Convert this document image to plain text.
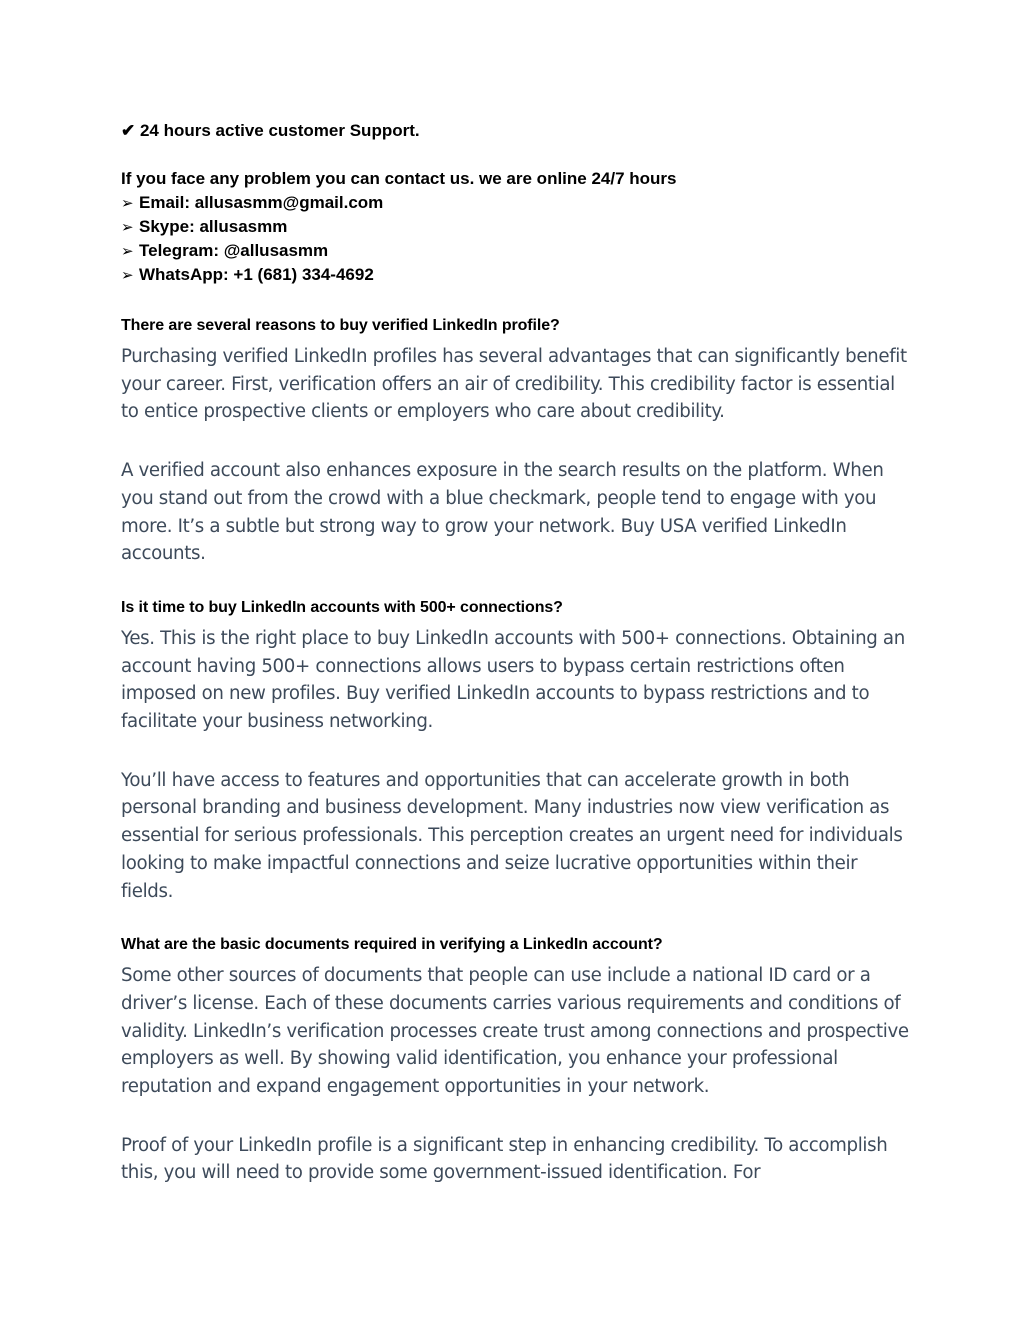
✔ 24 hours active customer Support.
If you face any problem you can contact us. we are online 24/7 hours
➢ Email: allusasmm@gmail.com
➢ Skype: allusasmm
➢ Telegram: @allusasmm
➢ WhatsApp: +1 (681) 334-4692
There are several reasons to buy verified LinkedIn profile?

Purchasing verified LinkedIn profiles has several advantages that can significantly benefit your career. First, verification offers an air of credibility. This credibility factor is essential to entice prospective clients or employers who care about credibility.

A verified account also enhances exposure in the search results on the platform. When you stand out from the crowd with a blue checkmark, people tend to engage with you more. It’s a subtle but strong way to grow your network. Buy USA verified LinkedIn accounts.

Is it time to buy LinkedIn accounts with 500+ connections?

Yes. This is the right place to buy LinkedIn accounts with 500+ connections. Obtaining an account having 500+ connections allows users to bypass certain restrictions often imposed on new profiles. Buy verified LinkedIn accounts to bypass restrictions and to facilitate your business networking.

You’ll have access to features and opportunities that can accelerate growth in both personal branding and business development. Many industries now view verification as essential for serious professionals. This perception creates an urgent need for individuals looking to make impactful connections and seize lucrative opportunities within their fields.

What are the basic documents required in verifying a LinkedIn account?

Some other sources of documents that people can use include a national ID card or a driver’s license. Each of these documents carries various requirements and conditions of validity. LinkedIn’s verification processes create trust among connections and prospective employers as well. By showing valid identification, you enhance your professional reputation and expand engagement opportunities in your network.

Proof of your LinkedIn profile is a significant step in enhancing credibility. To accomplish this, you will need to provide some government-issued identification. For
